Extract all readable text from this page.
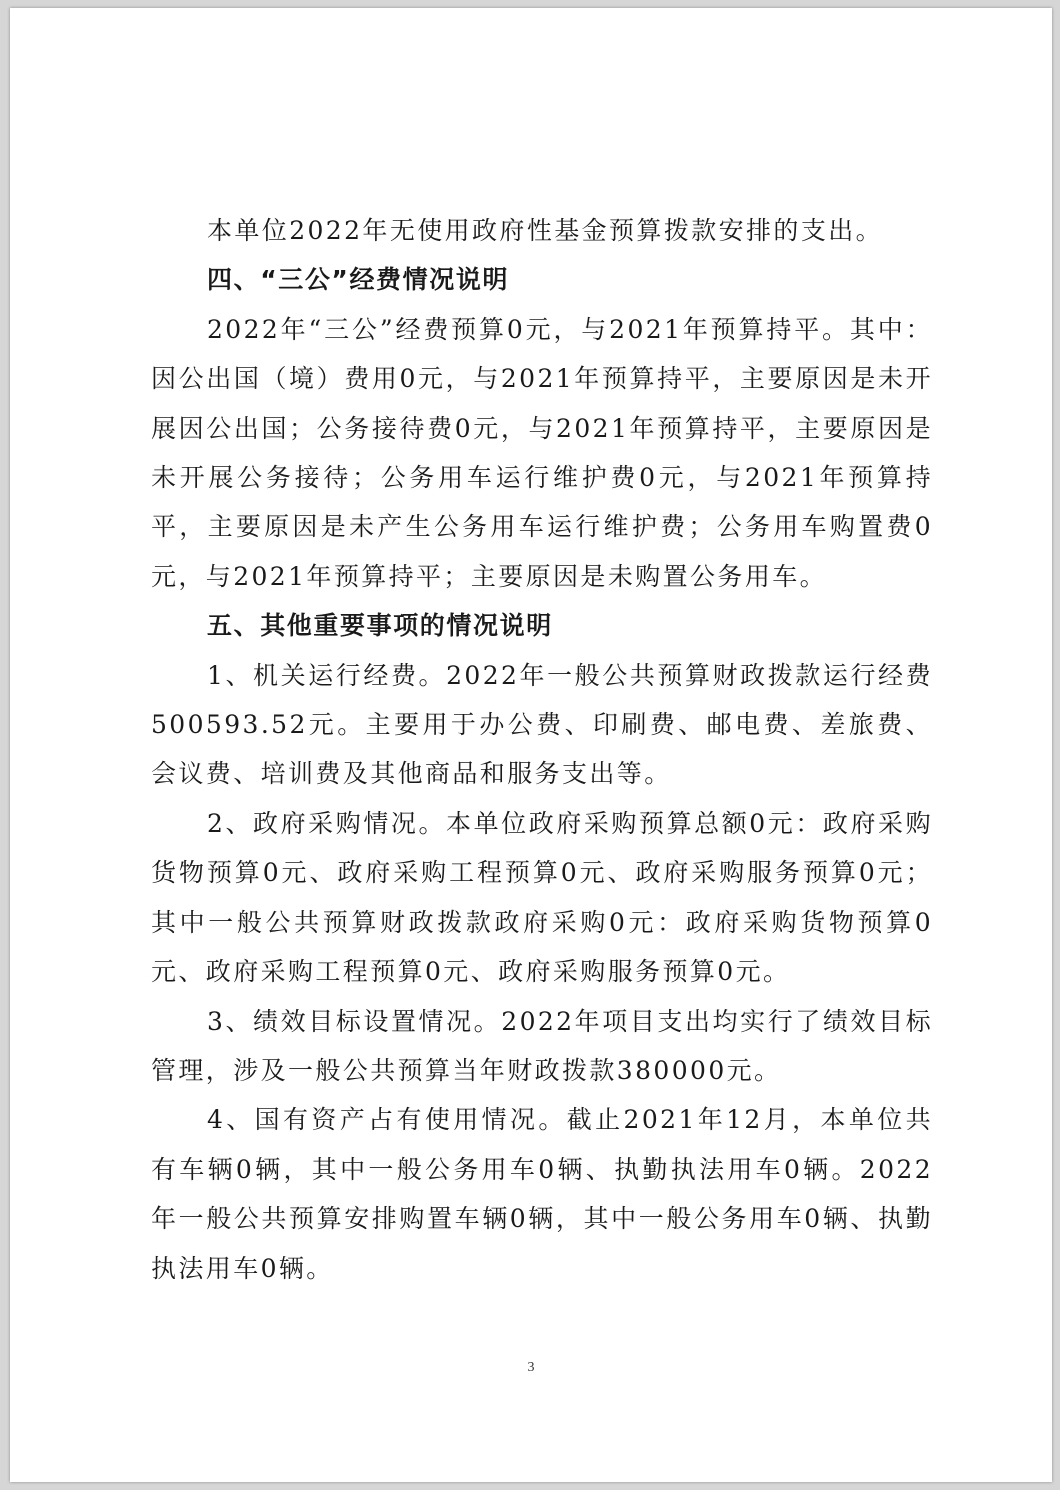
本单位2022年无使用政府性基金预算拨款安排的支出。

四、“三公”经费情况说明

2022年“三公”经费预算0元，与2021年预算持平。其中：因公出国（境）费用0元，与2021年预算持平，主要原因是未开展因公出国；公务接待费0元，与2021年预算持平，主要原因是未开展公务接待；公务用车运行维护费0元，与2021年预算持平，主要原因是未产生公务用车运行维护费；公务用车购置费0元，与2021年预算持平；主要原因是未购置公务用车。

五、其他重要事项的情况说明

1、机关运行经费。2022年一般公共预算财政拨款运行经费500593.52元。主要用于办公费、印刷费、邮电费、差旅费、会议费、培训费及其他商品和服务支出等。

2、政府采购情况。本单位政府采购预算总额0元：政府采购货物预算0元、政府采购工程预算0元、政府采购服务预算0元；其中一般公共预算财政拨款政府采购0元：政府采购货物预算0元、政府采购工程预算0元、政府采购服务预算0元。

3、绩效目标设置情况。2022年项目支出均实行了绩效目标管理，涉及一般公共预算当年财政拨款380000元。

4、国有资产占有使用情况。截止2021年12月，本单位共有车辆0辆，其中一般公务用车0辆、执勤执法用车0辆。2022年一般公共预算安排购置车辆0辆，其中一般公务用车0辆、执勤执法用车0辆。

3
